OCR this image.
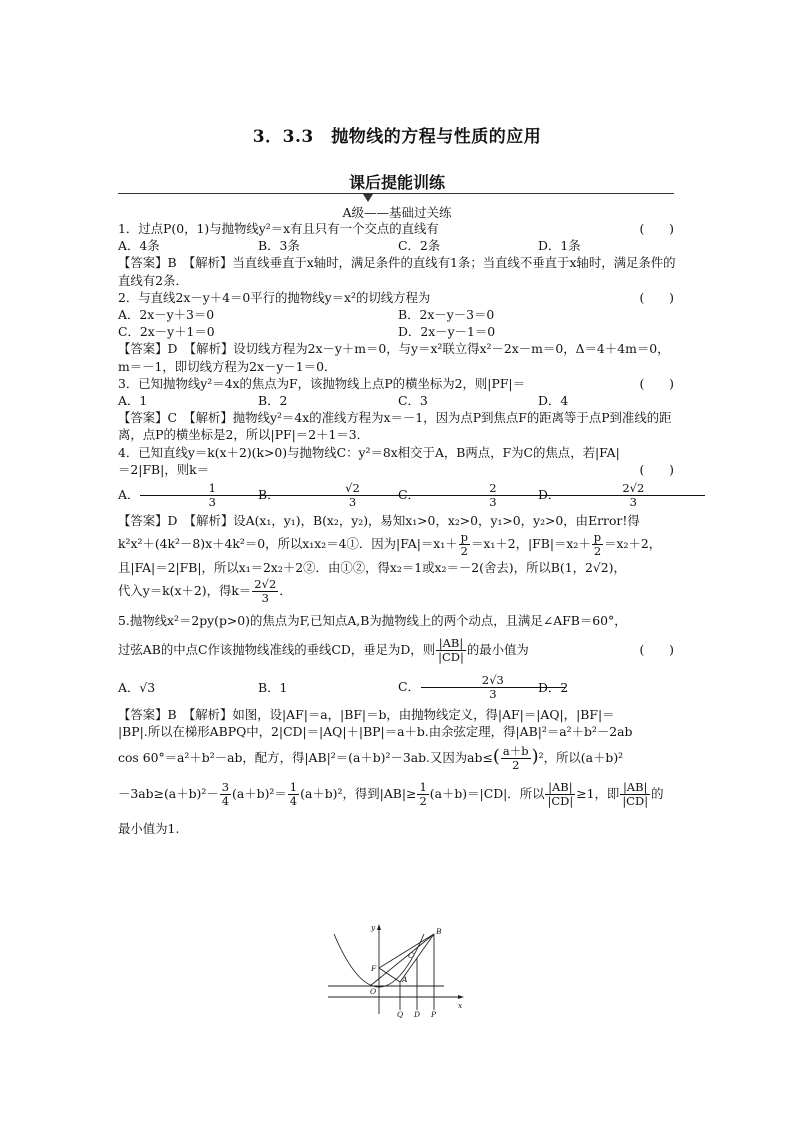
3．3.3　抛物线的方程与性质的应用
课后提能训练
A级——基础过关练
1．过点P(0，1)与抛物线y²＝x有且只有一个交点的直线有	(　　)
A．4条	B．3条	C．2条	D．1条
【答案】B　【解析】当直线垂直于x轴时，满足条件的直线有1条；当直线不垂直于x轴时，满足条件的直线有2条．
2．与直线2x－y＋4＝0平行的抛物线y＝x²的切线方程为	(　　)
A．2x－y＋3＝0	B．2x－y－3＝0
C．2x－y＋1＝0	D．2x－y－1＝0
【答案】D　【解析】设切线方程为2x－y＋m＝0，与y＝x²联立得x²－2x－m＝0，Δ＝4＋4m＝0，m＝－1，即切线方程为2x－y－1＝0．
3．已知抛物线y²＝4x的焦点为F，该抛物线上点P的横坐标为2，则|PF|＝	(　　)
A．1	B．2	C．3	D．4
【答案】C　【解析】抛物线y²＝4x的准线方程为x＝－1，因为点P到焦点F的距离等于点P到准线的距离，点P的横坐标是2，所以|PF|＝2＋1＝3．
4．已知直线y＝k(x＋2)(k>0)与抛物线C：y²＝8x相交于A，B两点，F为C的焦点，若|FA|
＝2|FB|，则k＝	(　　)
A． $\frac{1}{3}$
B． $\frac{√2}{3}$
C． $\frac{2}{3}$
D． $\frac{2√2}{3}$
【答案】D　【解析】设A(x₁，y₁)，B(x₂，y₂)，易知x₁>0，x₂>0，y₁>0，y₂>0，由Error!得
k²x²＋(4k²－8)x＋4k²＝0，所以x₁x₂＝4①．因为$|FA|=x_1+ \frac{p}{2} =x_1+2$，$|FB|=x_2+ \frac{p}{2} =x_2+2$，
且|FA|＝2|FB|，所以x₁＝2x₂＋2②．由①②，得x₂＝1或x₂＝－2(舍去)，所以B(1，2√2)，
代入y＝k(x＋2)，得$k= \frac{2√2}{3}$ ．
5.抛物线x²＝2py(p>0)的焦点为F,已知点A,B为抛物线上的两个动点，且满足∠AFB＝60°，
过弦AB的中点C作该抛物线准线的垂线CD，垂足为D，则 $\frac{|AB|}{|CD|}$ 的最小值为	(　　)
A．√3	B．1	C． $\frac{2√3}{3}$
D．2
【答案】B　【解析】如图，设|AF|＝a，|BF|＝b，由抛物线定义，得|AF|＝|AQ|，|BF|＝
|BP|.所以在梯形ABPQ中，2|CD|＝|AQ|＋|BP|＝a＋b.由余弦定理，得|AB|²＝a²＋b²－2ab
cos 60°＝a²＋b²－ab，配方，得|AB|²＝(a＋b)²－3ab.又因为$ab\le( \frac{a+b}{2} )^2$，所以(a＋b)²
$-3ab\ge(a+b)^2- \frac{3}{4} (a+b)^2= \frac{1}{4} (a+b)^2$，得到$|AB|\ge \frac{1}{2} (a+b)=|CD|$．所以 $\frac{|AB|}{|CD|} \ge 1$，即 $\frac{|AB|}{|CD|}$ 的
最小值为1.
y
x
B
C
F
A
O
Q D P
